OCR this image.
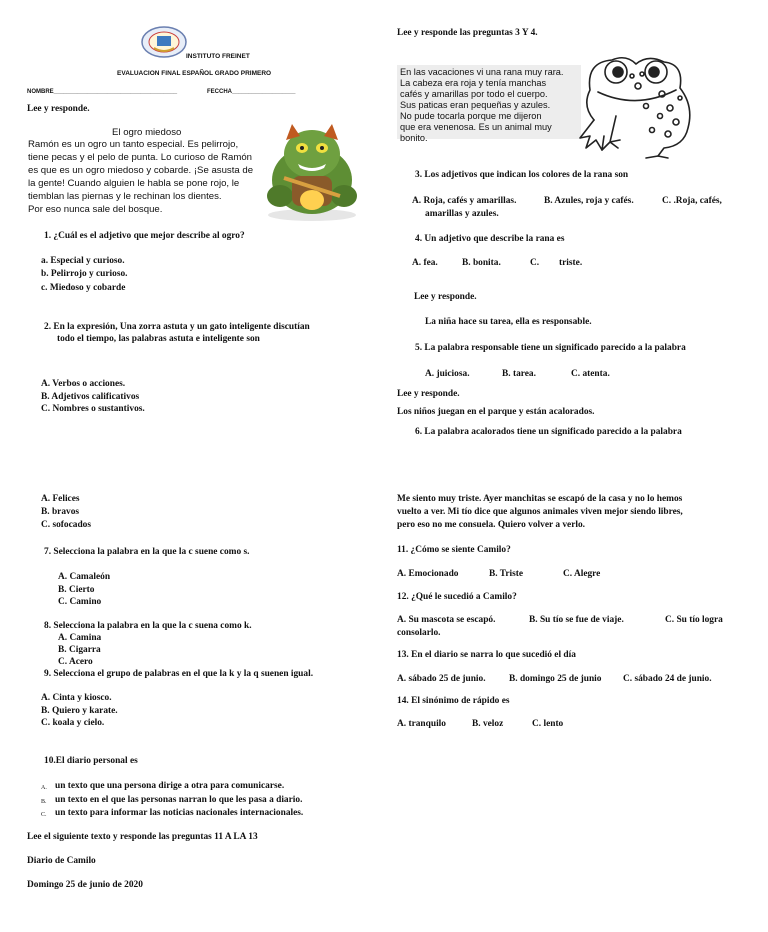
INSTITUTO FREINET
EVALUACION FINAL ESPAÑOL GRADO PRIMERO
NOMBRE_____________________________________	FECCHA___________________
Lee y responde.
El ogro miedoso
Ramón es un ogro un tanto especial. Es pelirrojo,
tiene pecas y el pelo de punta. Lo curioso de Ramón
es que es un ogro miedoso y cobarde. ¡Se asusta de
la gente! Cuando alguien le habla se pone rojo, le
tiemblan las piernas y le rechinan los dientes.
Por eso nunca sale del bosque.
1. ¿Cuál es el adjetivo que mejor describe al ogro?
a. Especial y curioso.
b. Pelirrojo y curioso.
c. Miedoso y cobarde
2. En la expresión, Una zorra astuta y un gato inteligente discutían
todo el tiempo, las palabras astuta e inteligente son
A. Verbos o acciones.
B. Adjetivos calificativos
C. Nombres o sustantivos.
A. Felices
B. bravos
C. sofocados
7. Selecciona la palabra en la que la c suene como s.
A. Camaleón
B. Cierto
C. Camino
8. Selecciona la palabra en la que la c suena como k.
A. Camina
B. Cigarra
C. Acero
9. Selecciona el grupo de palabras en el que la k y la q suenen igual.
A. Cinta y kiosco.
B. Quiero y karate.
C. koala y cielo.
10.El diario personal es
A. un texto que una persona dirige a otra para comunicarse.
B. un texto en el que las personas narran lo que les pasa a diario.
C. un texto para informar las noticias nacionales internacionales.
Lee el siguiente texto y responde las preguntas 11 A LA 13
Diario de Camilo
Domingo 25 de junio de 2020
Lee y responde las preguntas 3 Y 4.
En las vacaciones vi una rana muy rara.
La cabeza era roja y tenía manchas
cafés y amarillas por todo el cuerpo.
Sus paticas eran pequeñas y azules.
No pude tocarla porque me dijeron
que era venenosa. Es un animal muy
bonito.
3. Los adjetivos que indican los colores de la rana son
A. Roja, cafés y amarillas.	B. Azules, roja y cafés.	C. .Roja, cafés,
amarillas y azules.
4. Un adjetivo que describe la rana es
A. fea.	B. bonita.	C. triste.
Lee y responde.
La niña hace su tarea, ella es responsable.
5. La palabra responsable tiene un significado parecido a la palabra
A. juiciosa.	B. tarea.	C. atenta.
Lee y responde.
Los niños juegan en el parque y están acalorados.
6. La palabra acalorados tiene un significado parecido a la palabra
Me siento muy triste. Ayer manchitas se escapó de la casa y no lo hemos
vuelto a ver. Mi tío dice que algunos animales viven mejor siendo libres,
pero eso no me consuela. Quiero volver a verlo.
11. ¿Cómo se siente Camilo?
A. Emocionado	B. Triste	C. Alegre
12. ¿Qué le sucedió a Camilo?
A. Su mascota se escapó.	B. Su tío se fue de viaje.	C. Su tío logra
consolarlo.
13. En el diario se narra lo que sucedió el día
A. sábado 25 de junio. B. domingo 25 de junio C. sábado 24 de junio.
14. El sinónimo de rápido es
A. tranquilo	B. veloz	C. lento
